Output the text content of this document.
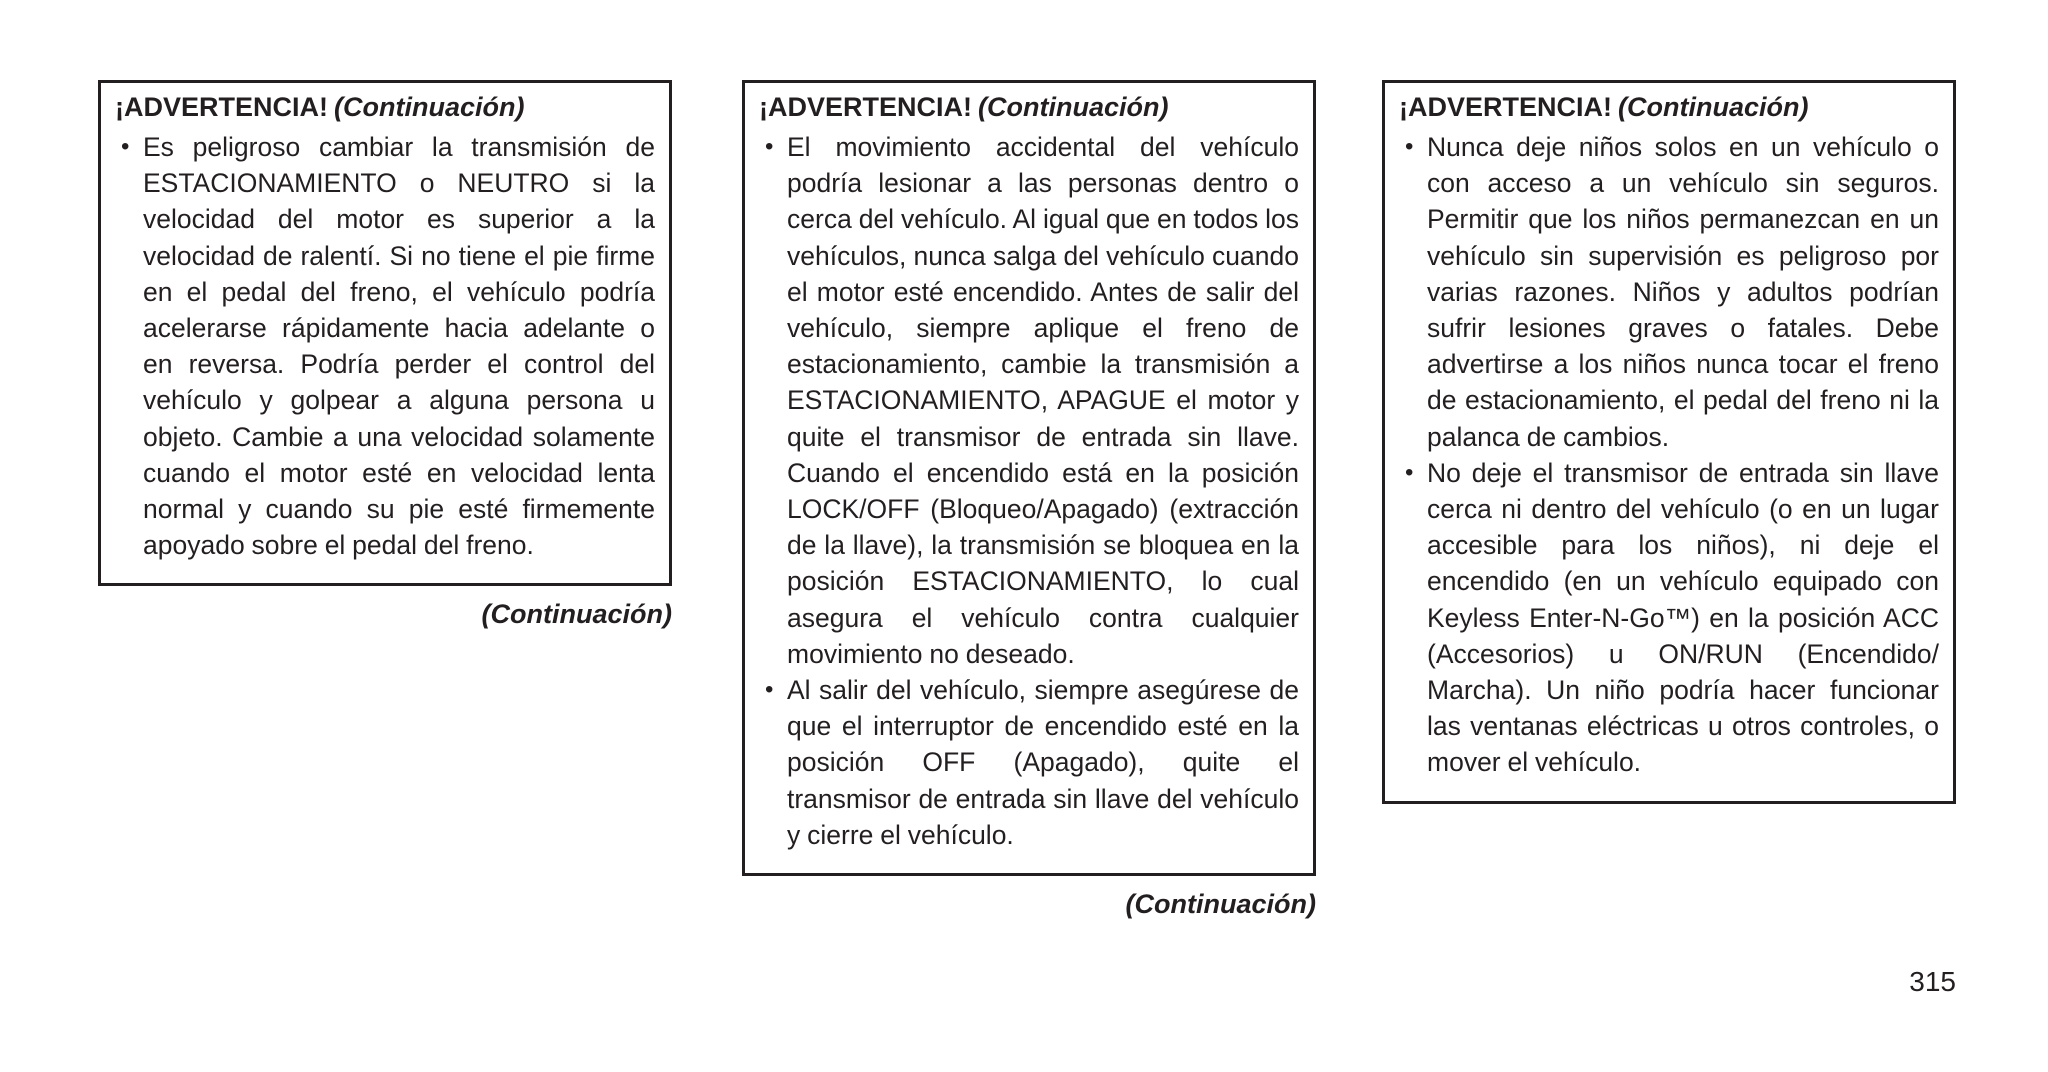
¡ADVERTENCIA! (Continuación)
• Es peligroso cambiar la transmisión de ESTACIONAMIENTO o NEUTRO si la velocidad del motor es superior a la velocidad de ralentí. Si no tiene el pie firme en el pedal del freno, el vehículo podría acelerarse rápidamente hacia adelante o en reversa. Podría perder el control del vehículo y golpear a alguna persona u objeto. Cambie a una velocidad solamente cuando el motor esté en velocidad lenta normal y cuando su pie esté firmemente apoyado sobre el pedal del freno.
(Continuación)
¡ADVERTENCIA! (Continuación)
• El movimiento accidental del vehículo podría lesionar a las personas dentro o cerca del vehículo. Al igual que en todos los vehículos, nunca salga del vehículo cuando el motor esté encendido. Antes de salir del vehículo, siempre aplique el freno de estacionamiento, cambie la transmisión a ESTACIONAMIENTO, APAGUE el motor y quite el transmisor de entrada sin llave. Cuando el encendido está en la posición LOCK/OFF (Bloqueo/Apagado) (extracción de la llave), la transmisión se bloquea en la posición ESTACIONAMIENTO, lo cual asegura el vehículo contra cualquier movimiento no deseado.
• Al salir del vehículo, siempre asegúrese de que el interruptor de encendido esté en la posición OFF (Apagado), quite el transmisor de entrada sin llave del vehículo y cierre el vehículo.
(Continuación)
¡ADVERTENCIA! (Continuación)
• Nunca deje niños solos en un vehículo o con acceso a un vehículo sin seguros. Permitir que los niños permanezcan en un vehículo sin supervisión es peligroso por varias razones. Niños y adultos podrían sufrir lesiones graves o fatales. Debe advertirse a los niños nunca tocar el freno de estacionamiento, el pedal del freno ni la palanca de cambios.
• No deje el transmisor de entrada sin llave cerca ni dentro del vehículo (o en un lugar accesible para los niños), ni deje el encendido (en un vehículo equipado con Keyless Enter-N-Go™) en la posición ACC (Accesorios) u ON/RUN (Encendido/ Marcha). Un niño podría hacer funcionar las ventanas eléctricas u otros controles, o mover el vehículo.
315
